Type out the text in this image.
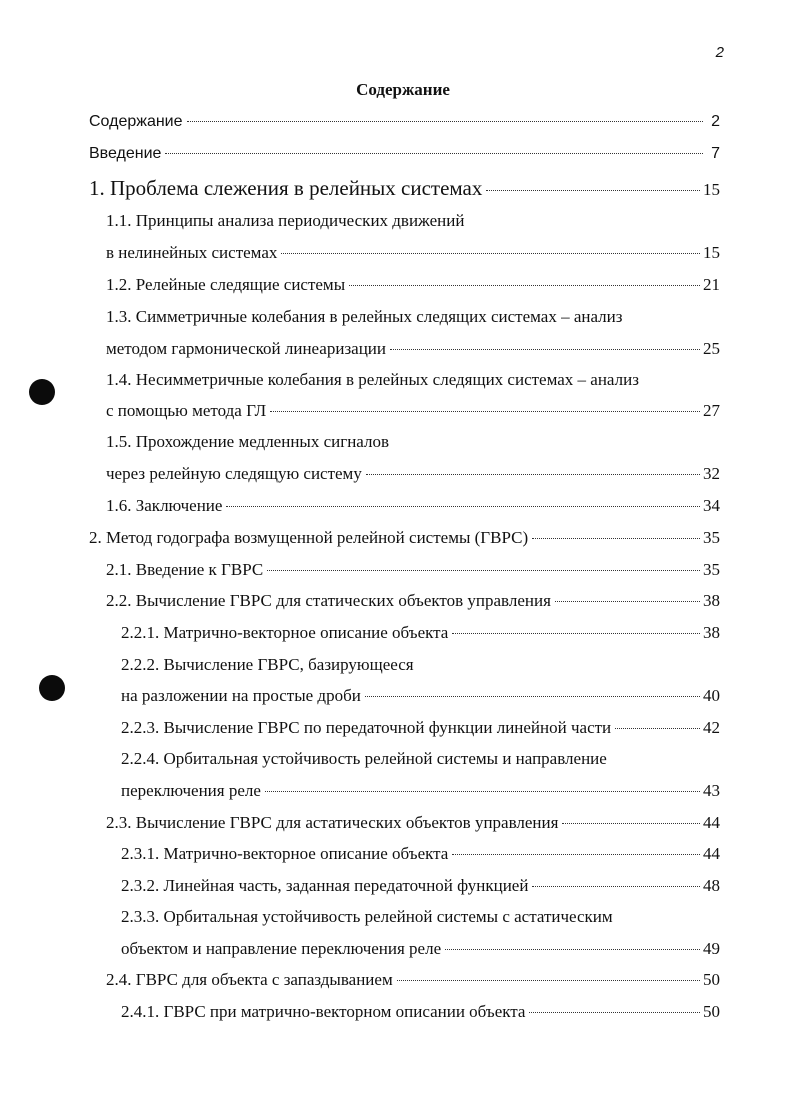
2
Содержание
Содержание	2
Введение	7
1. Проблема слежения в релейных системах	15
1.1. Принципы анализа периодических движений
в нелинейных системах	15
1.2. Релейные следящие системы	21
1.3. Симметричные колебания в релейных следящих системах – анализ
методом гармонической линеаризации	25
1.4. Несимметричные колебания в релейных следящих системах – анализ
с помощью метода ГЛ	27
1.5. Прохождение медленных сигналов
через релейную следящую систему	32
1.6. Заключение	34
2. Метод годографа возмущенной релейной системы (ГВРС)	35
2.1. Введение к ГВРС	35
2.2. Вычисление ГВРС для статических объектов управления	38
2.2.1. Матрично-векторное описание объекта	38
2.2.2. Вычисление ГВРС, базирующееся
на разложении на простые дроби	40
2.2.3. Вычисление ГВРС по передаточной функции линейной части	42
2.2.4. Орбитальная устойчивость релейной системы и направление
переключения реле	43
2.3. Вычисление ГВРС для астатических объектов управления	44
2.3.1. Матрично-векторное описание объекта	44
2.3.2. Линейная часть, заданная передаточной функцией	48
2.3.3. Орбитальная устойчивость релейной системы с астатическим
объектом и направление переключения реле	49
2.4. ГВРС для объекта с запаздыванием	50
2.4.1. ГВРС при матрично-векторном описании объекта	50
